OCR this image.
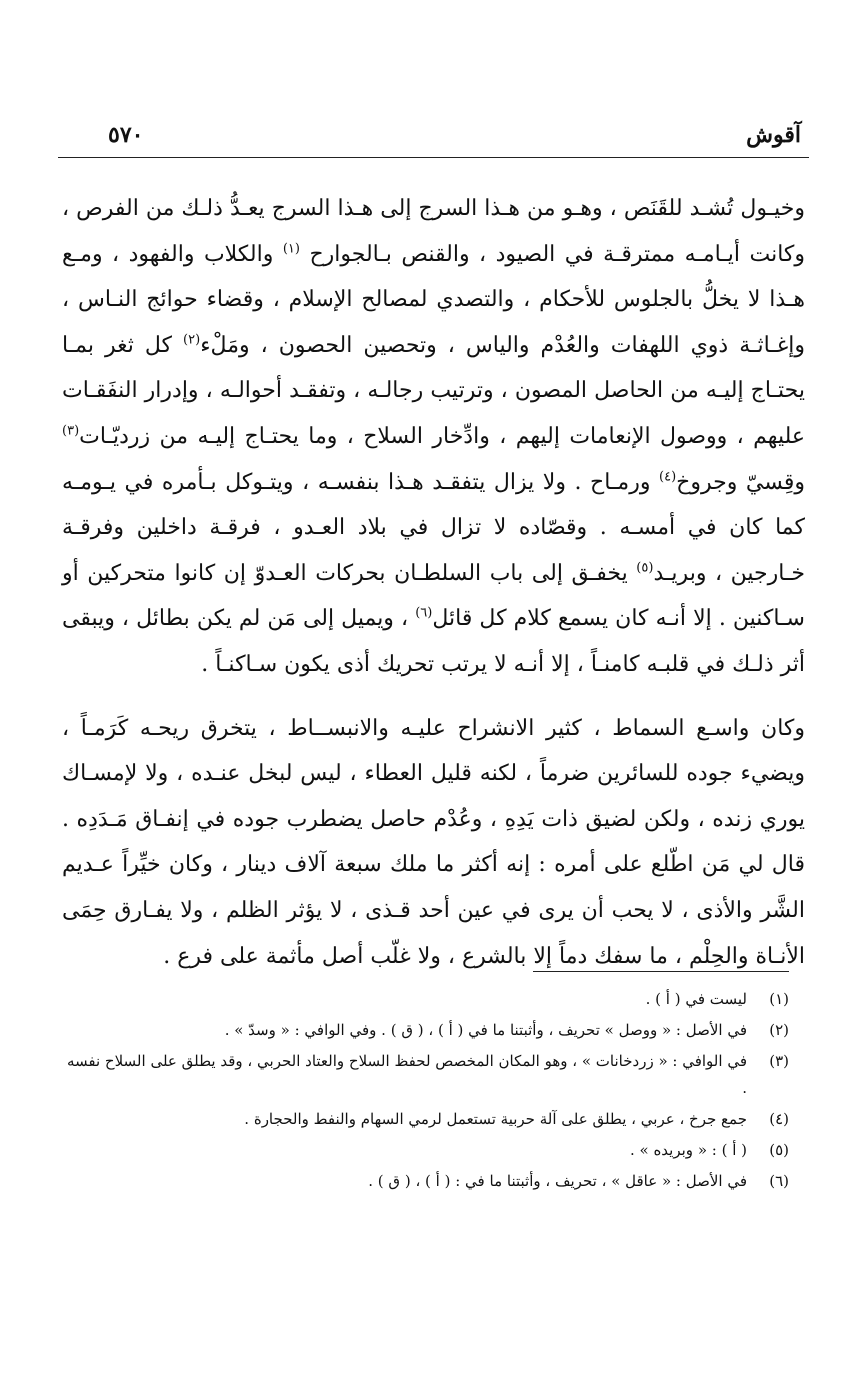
آقوش
٥٧٠

وخيـول تُشـد للقَنَص ، وهـو من هـذا السرج إلى هـذا السرج يعـدُّ ذلـك من الفرص ، وكانت أيـامـه ممترقـة في الصيود ، والقنص بـالجوارح $^{(١)}$ والكلاب والفهود ، ومـع هـذا لا يخلُّ بالجلوس للأحكام ، والتصدي لمصالح الإسلام ، وقضاء حوائج النـاس ، وإغـاثـة ذوي اللهفات والعُدْم والياس ، وتحصين الحصون ، ومَلْء$^{(٢)}$ كل ثغر بمـا يحتـاج إليـه من الحاصل المصون ، وترتيب رجالـه ، وتفقـد أحوالـه ، وإدرار النفَقـات عليهم ، ووصول الإنعامات إليهم ، وادِّخار السلاح ، وما يحتـاج إليـه من زرديّـات$^{(٣)}$ وقِسيّ وجروخ$^{(٤)}$ ورمـاح . ولا يزال يتفقـد هـذا بنفسـه ، ويتـوكل بـأمره في يـومـه كما كان في أمسـه . وقصّاده لا تزال في بلاد العـدو ، فرقـة داخلين وفرقـة خـارجين ، وبريـد$^{(٥)}$ يخفـق إلى باب السلطـان بحركات العـدوّ إن كانوا متحركين أو سـاكنين . إلا أنـه كان يسمع كلام كل قائل$^{(٦)}$ ، ويميل إلى مَن لم يكن بطائل ، ويبقى أثر ذلـك في قلبـه كامنـاً ، إلا أنـه لا يرتب تحريك أذى يكون سـاكنـاً .

وكان واسـع السماط ، كثير الانشراح عليـه والانبســاط ، يتخرق ريحـه كَرَمـاً ، ويضيء جوده للسائرين ضرماً ، لكنه قليل العطاء ، ليس لبخل عنـده ، ولا لإمسـاك يوري زنده ، ولكن لضيق ذات يَدِهِ ، وعُدْم حاصل يضطرب جوده في إنفـاق مَـدَدِه . قال لي مَن اطّلع على أمره : إنه أكثر ما ملك سبعة آلاف دينار ، وكان خيِّراً عـديم الشَّر والأذى ، لا يحب أن يرى في عين أحد قـذى ، لا يؤثر الظلم ، ولا يفـارق حِمَى الأنـاة والحِلْم ، ما سفك دماً إلا بالشرع ، ولا غلّب أصل مأثمة على فرع .

(١)
ليست في ( أ ) .
(٢)
في الأصل : « ووصل » تحريف ، وأثبتنا ما في ( أ ) ، ( ق ) . وفي الوافي : « وسدّ » .
(٣)
في الوافي : « زردخانات » ، وهو المكان المخصص لحفظ السلاح والعتاد الحربي ، وقد يطلق على السلاح نفسه .
(٤)
جمع جرخ ، عربي ، يطلق على آلة حربية تستعمل لرمي السهام والنفط والحجارة .
(٥)
( أ ) : « وبريده » .
(٦)
في الأصل : « عاقل » ، تحريف ، وأثبتنا ما في : ( أ ) ، ( ق ) .
